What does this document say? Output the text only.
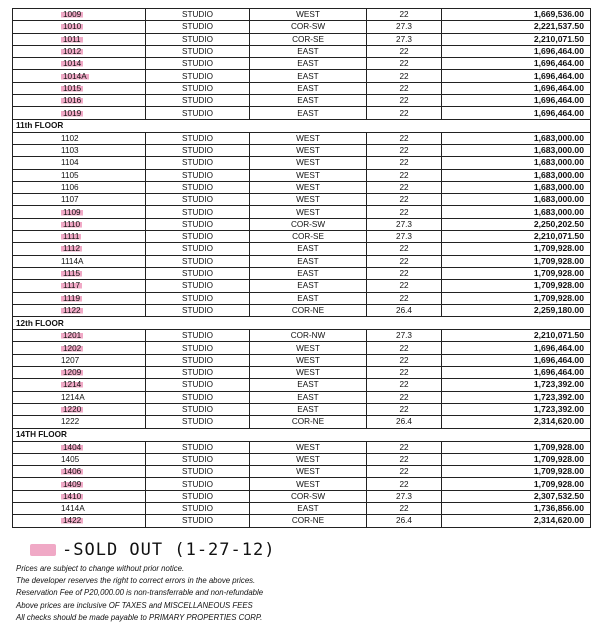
1009	STUDIO	WEST	22	1,669,536.00
1010	STUDIO	COR-SW	27.3	2,221,537.50
1011	STUDIO	COR-SE	27.3	2,210,071.50
1012	STUDIO	EAST	22	1,696,464.00
1014	STUDIO	EAST	22	1,696,464.00
1014A	STUDIO	EAST	22	1,696,464.00
1015	STUDIO	EAST	22	1,696,464.00
1016	STUDIO	EAST	22	1,696,464.00
1019	STUDIO	EAST	22	1,696,464.00
11th FLOOR				
1102	STUDIO	WEST	22	1,683,000.00
1103	STUDIO	WEST	22	1,683,000.00
1104	STUDIO	WEST	22	1,683,000.00
1105	STUDIO	WEST	22	1,683,000.00
1106	STUDIO	WEST	22	1,683,000.00
1107	STUDIO	WEST	22	1,683,000.00
1109	STUDIO	WEST	22	1,683,000.00
1110	STUDIO	COR-SW	27.3	2,250,202.50
1111	STUDIO	COR-SE	27.3	2,210,071.50
1112	STUDIO	EAST	22	1,709,928.00
1114A	STUDIO	EAST	22	1,709,928.00
1115	STUDIO	EAST	22	1,709,928.00
1117	STUDIO	EAST	22	1,709,928.00
1119	STUDIO	EAST	22	1,709,928.00
1122	STUDIO	COR-NE	26.4	2,259,180.00
12th FLOOR				
1201	STUDIO	COR-NW	27.3	2,210,071.50
1202	STUDIO	WEST	22	1,696,464.00
1207	STUDIO	WEST	22	1,696,464.00
1209	STUDIO	WEST	22	1,696,464.00
1214	STUDIO	EAST	22	1,723,392.00
1214A	STUDIO	EAST	22	1,723,392.00
1220	STUDIO	EAST	22	1,723,392.00
1222	STUDIO	COR-NE	26.4	2,314,620.00
14TH FLOOR				
1404	STUDIO	WEST	22	1,709,928.00
1405	STUDIO	WEST	22	1,709,928.00
1406	STUDIO	WEST	22	1,709,928.00
1409	STUDIO	WEST	22	1,709,928.00
1410	STUDIO	COR-SW	27.3	2,307,532.50
1414A	STUDIO	EAST	22	1,736,856.00
1422	STUDIO	COR-NE	26.4	2,314,620.00
-SOLD OUT (1-27-12)
Prices are subject to change without prior notice.
The developer reserves the right to correct errors in the above prices.
Reservation Fee of P20,000.00 is non-transferrable and non-refundable
Above prices are inclusive OF TAXES and MISCELLANEOUS FEES
All checks should be made payable to PRIMARY PROPERTIES CORP.
